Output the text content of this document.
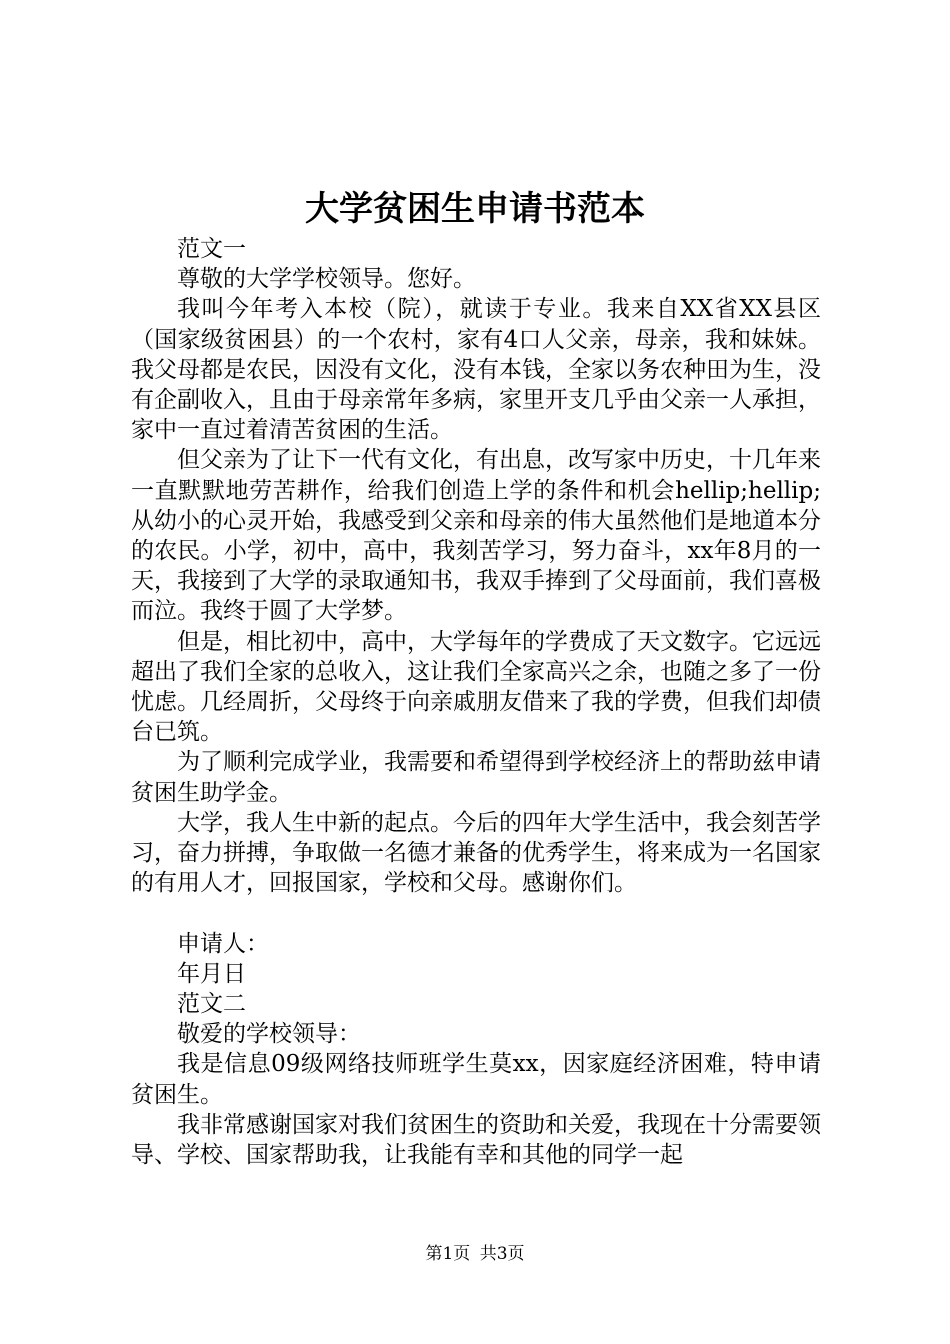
大学贫困生申请书范本

范文一

尊敬的大学学校领导。您好。

我叫今年考入本校（院），就读于专业。我来自XX省XX县区（国家级贫困县）的一个农村，家有4口人父亲，母亲，我和妹妹。我父母都是农民，因没有文化，没有本钱，全家以务农种田为生，没有企副收入，且由于母亲常年多病，家里开支几乎由父亲一人承担，家中一直过着清苦贫困的生活。

但父亲为了让下一代有文化，有出息，改写家中历史，十几年来一直默默地劳苦耕作，给我们创造上学的条件和机会hellip;hellip;从幼小的心灵开始，我感受到父亲和母亲的伟大虽然他们是地道本分的农民。小学，初中，高中，我刻苦学习，努力奋斗，xx年8月的一天，我接到了大学的录取通知书，我双手捧到了父母面前，我们喜极而泣。我终于圆了大学梦。

但是，相比初中，高中，大学每年的学费成了天文数字。它远远超出了我们全家的总收入，这让我们全家高兴之余，也随之多了一份忧虑。几经周折，父母终于向亲戚朋友借来了我的学费，但我们却债台已筑。

为了顺利完成学业，我需要和希望得到学校经济上的帮助兹申请贫困生助学金。

大学，我人生中新的起点。今后的四年大学生活中，我会刻苦学习，奋力拼搏，争取做一名德才兼备的优秀学生，将来成为一名国家的有用人才，回报国家，学校和父母。感谢你们。

申请人：

年月日

范文二

敬爱的学校领导：

我是信息09级网络技师班学生莫xx，因家庭经济困难，特申请贫困生。

我非常感谢国家对我们贫困生的资助和关爱，我现在十分需要领导、学校、国家帮助我，让我能有幸和其他的同学一起

第1页 共3页
